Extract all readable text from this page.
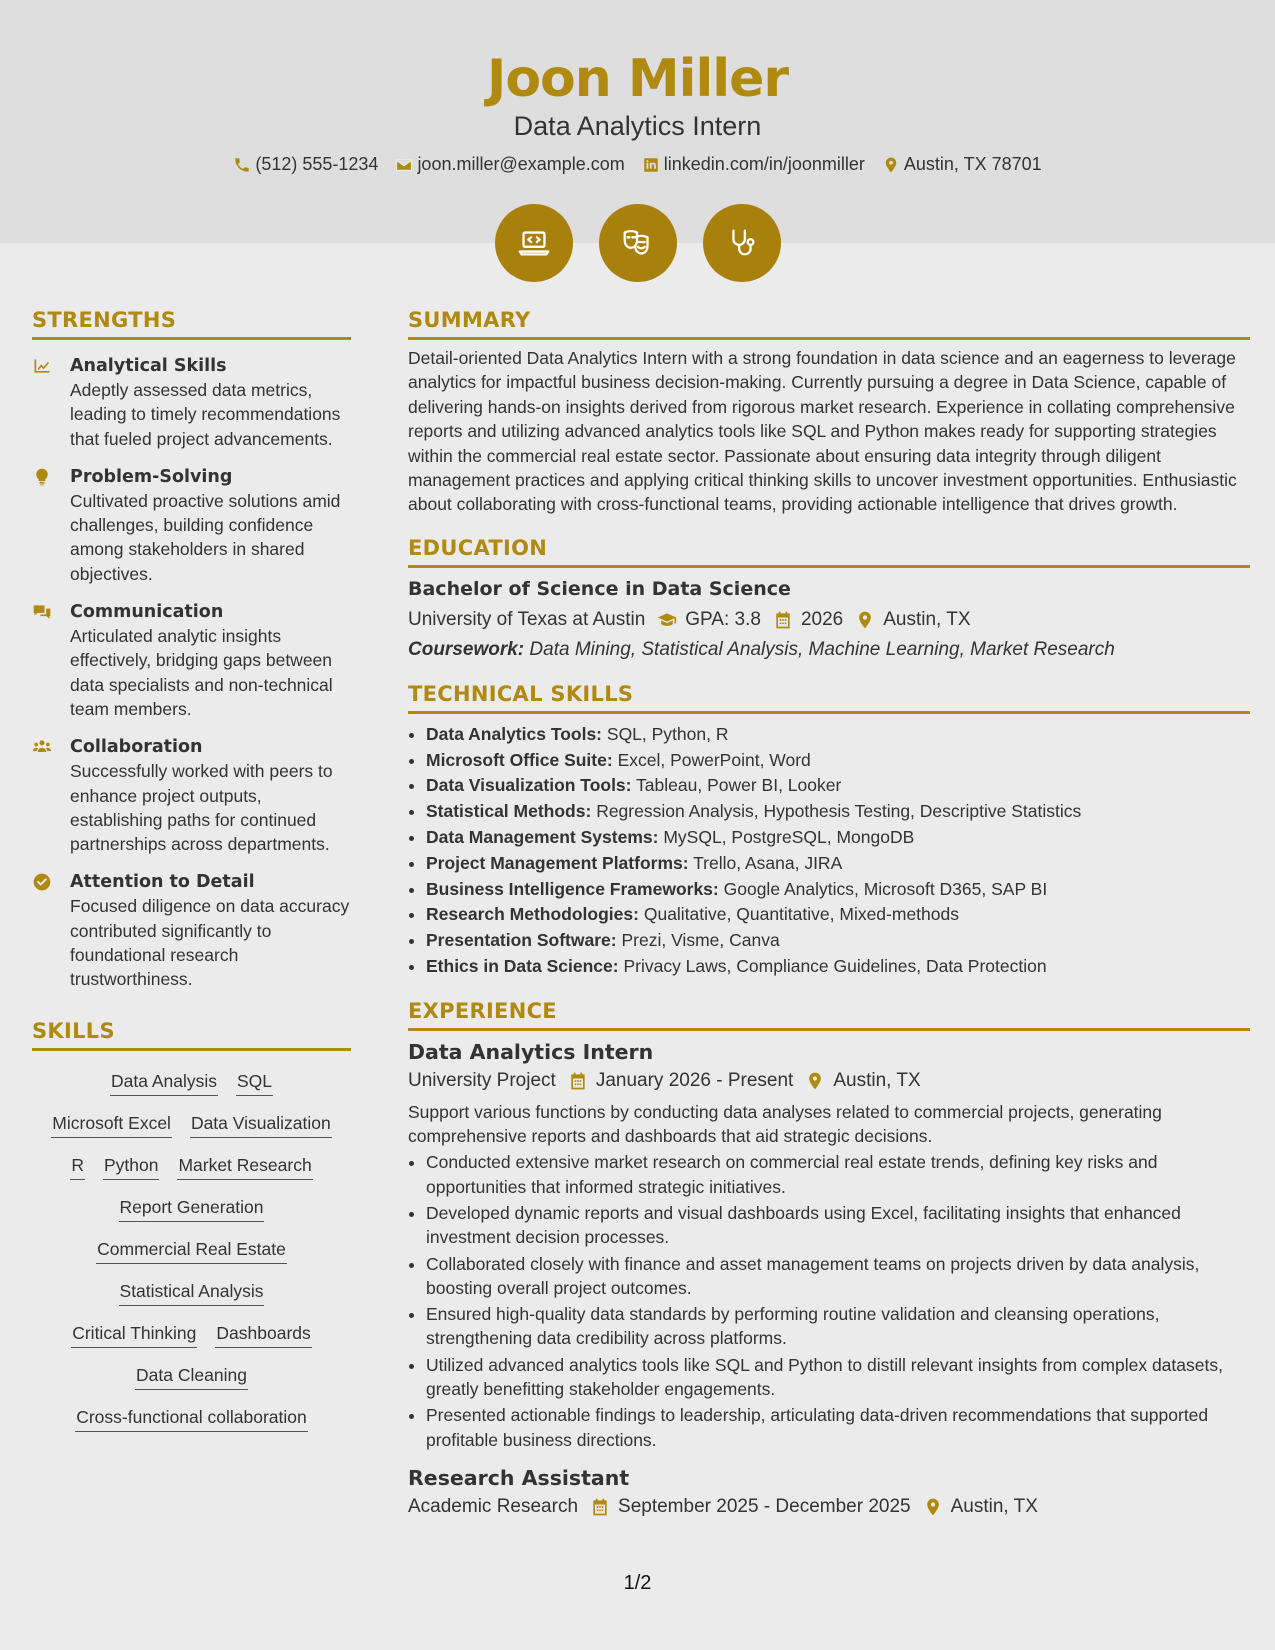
Joon Miller
Data Analytics Intern
(512) 555-1234 joon.miller@example.com linkedin.com/in/joonmiller Austin, TX 78701
STRENGTHS
Analytical Skills
Adeptly assessed data metrics, leading to timely recommendations that fueled project advancements.
Problem-Solving
Cultivated proactive solutions amid challenges, building confidence among stakeholders in shared objectives.
Communication
Articulated analytic insights effectively, bridging gaps between data specialists and non-technical team members.
Collaboration
Successfully worked with peers to enhance project outputs, establishing paths for continued partnerships across departments.
Attention to Detail
Focused diligence on data accuracy contributed significantly to foundational research trustworthiness.
SKILLS
Data Analysis SQL
Microsoft Excel Data Visualization
R Python Market Research
Report Generation
Commercial Real Estate
Statistical Analysis
Critical Thinking Dashboards
Data Cleaning
Cross-functional collaboration
SUMMARY

Detail-oriented Data Analytics Intern with a strong foundation in data science and an eagerness to leverage analytics for impactful business decision-making. Currently pursuing a degree in Data Science, capable of delivering hands-on insights derived from rigorous market research. Experience in collating comprehensive reports and utilizing advanced analytics tools like SQL and Python makes ready for supporting strategies within the commercial real estate sector. Passionate about ensuring data integrity through diligent management practices and applying critical thinking skills to uncover investment opportunities. Enthusiastic about collaborating with cross-functional teams, providing actionable intelligence that drives growth.

EDUCATION
Bachelor of Science in Data Science
University of Texas at Austin GPA: 3.8 2026 Austin, TX
Coursework: Data Mining, Statistical Analysis, Machine Learning, Market Research
TECHNICAL SKILLS
• Data Analytics Tools: SQL, Python, R
• Microsoft Office Suite: Excel, PowerPoint, Word
• Data Visualization Tools: Tableau, Power BI, Looker
• Statistical Methods: Regression Analysis, Hypothesis Testing, Descriptive Statistics
• Data Management Systems: MySQL, PostgreSQL, MongoDB
• Project Management Platforms: Trello, Asana, JIRA
• Business Intelligence Frameworks: Google Analytics, Microsoft D365, SAP BI
• Research Methodologies: Qualitative, Quantitative, Mixed-methods
• Presentation Software: Prezi, Visme, Canva
• Ethics in Data Science: Privacy Laws, Compliance Guidelines, Data Protection
EXPERIENCE
Data Analytics Intern
University Project January 2026 - Present Austin, TX

Support various functions by conducting data analyses related to commercial projects, generating comprehensive reports and dashboards that aid strategic decisions.

• Conducted extensive market research on commercial real estate trends, defining key risks and opportunities that informed strategic initiatives.
• Developed dynamic reports and visual dashboards using Excel, facilitating insights that enhanced investment decision processes.
• Collaborated closely with finance and asset management teams on projects driven by data analysis, boosting overall project outcomes.
• Ensured high-quality data standards by performing routine validation and cleansing operations, strengthening data credibility across platforms.
• Utilized advanced analytics tools like SQL and Python to distill relevant insights from complex datasets, greatly benefitting stakeholder engagements.
• Presented actionable findings to leadership, articulating data-driven recommendations that supported profitable business directions.
Research Assistant
Academic Research September 2025 - December 2025 Austin, TX
1/2
